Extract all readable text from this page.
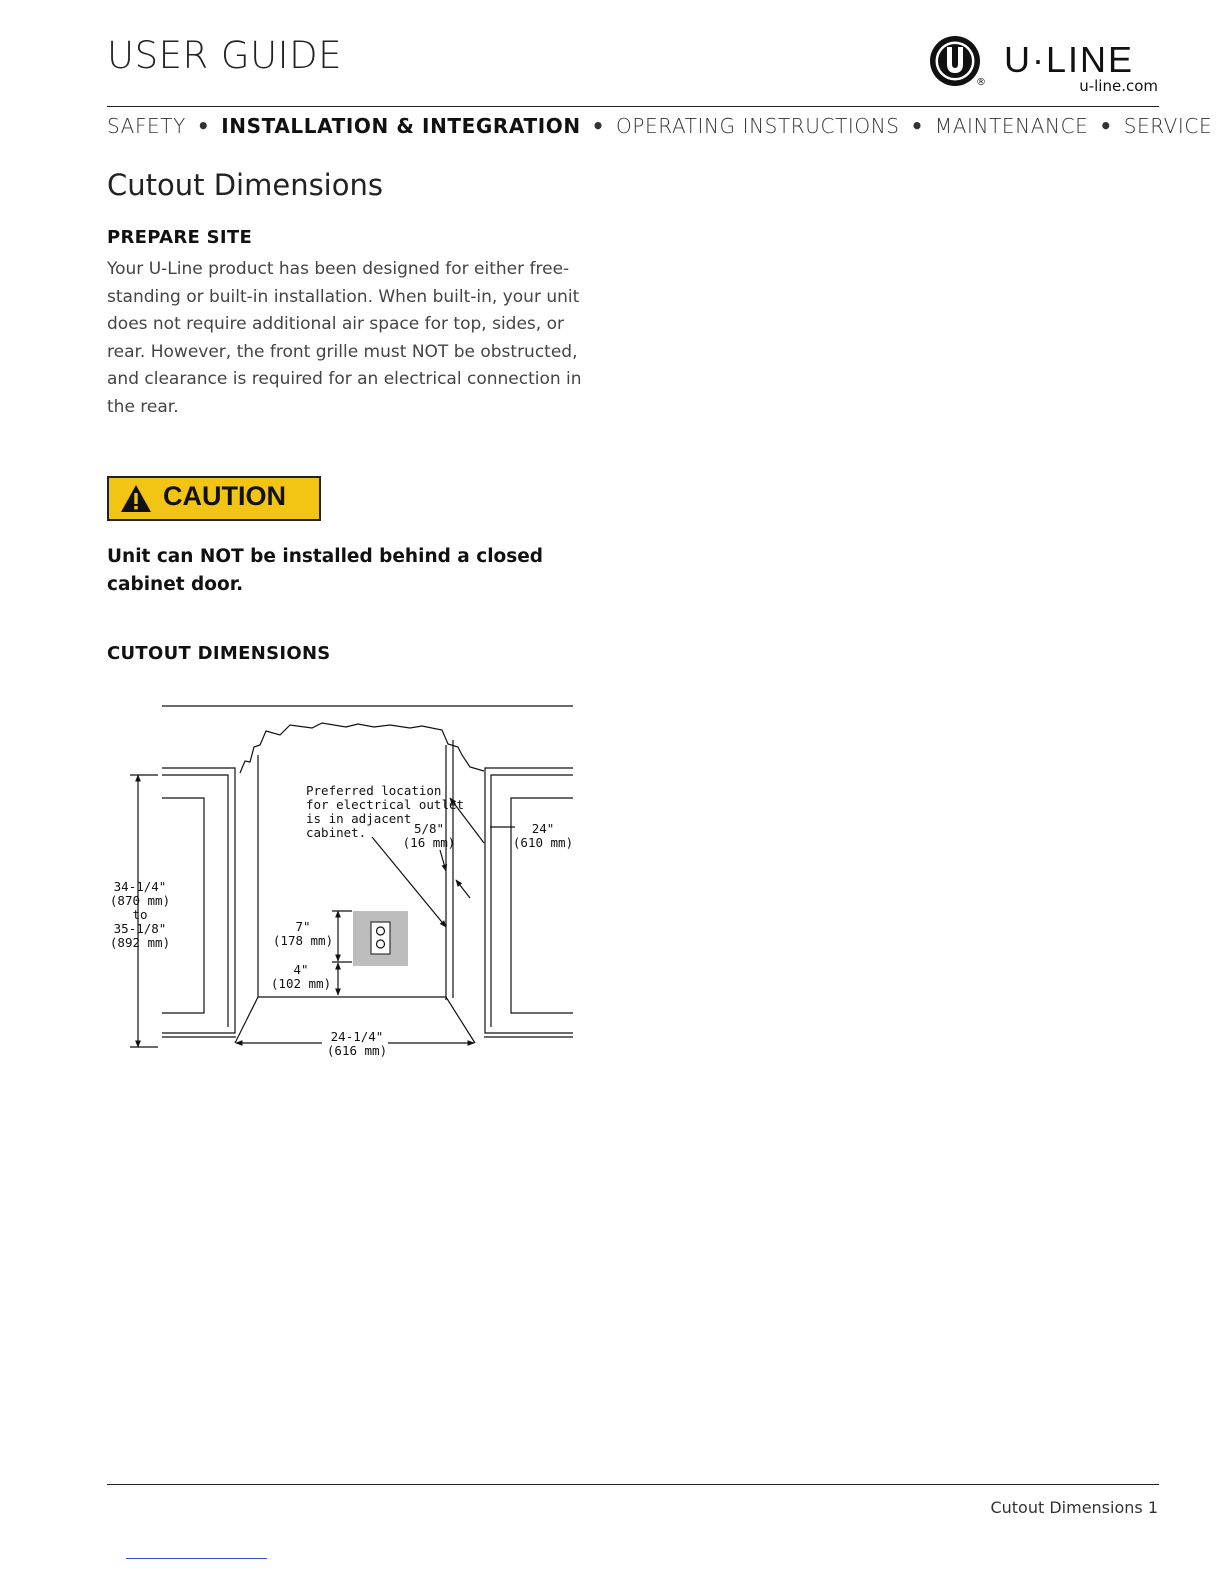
USER GUIDE
®
U·LINE
u-line.com
SAFETY • INSTALLATION & INTEGRATION • OPERATING INSTRUCTIONS • MAINTENANCE • SERVICE
Cutout Dimensions
PREPARE SITE
Your U-Line product has been designed for either free-standing or built-in installation. When built-in, your unit does not require additional air space for top, sides, or rear. However, the front grille must NOT be obstructed, and clearance is required for an electrical connection in the rear.
CAUTION
Unit can NOT be installed behind a closed cabinet door.
CUTOUT DIMENSIONS
Preferred location
for electrical outlet
is in adjacent
cabinet.
34-1/4"
(870 mm)
to
35-1/8"
(892 mm)
5/8"
(16 mm)
24"
(610 mm)
7"
(178 mm)
4"
(102 mm)
24-1/4"
(616 mm)
Cutout Dimensions 1
